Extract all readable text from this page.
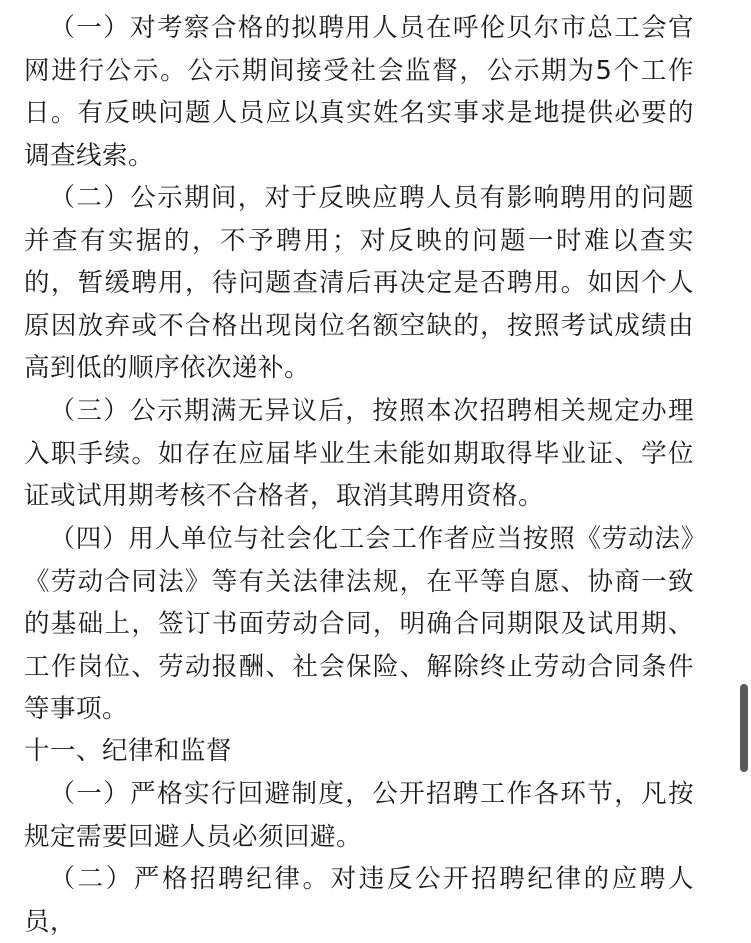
（一）对考察合格的拟聘用人员在呼伦贝尔市总工会官网进行公示。公示期间接受社会监督，公示期为5个工作日。有反映问题人员应以真实姓名实事求是地提供必要的调查线索。

（二）公示期间，对于反映应聘人员有影响聘用的问题并查有实据的，不予聘用；对反映的问题一时难以查实的，暂缓聘用，待问题查清后再决定是否聘用。如因个人原因放弃或不合格出现岗位名额空缺的，按照考试成绩由高到低的顺序依次递补。

（三）公示期满无异议后，按照本次招聘相关规定办理入职手续。如存在应届毕业生未能如期取得毕业证、学位证或试用期考核不合格者，取消其聘用资格。

（四）用人单位与社会化工会工作者应当按照《劳动法》《劳动合同法》等有关法律法规，在平等自愿、协商一致的基础上，签订书面劳动合同，明确合同期限及试用期、工作岗位、劳动报酬、社会保险、解除终止劳动合同条件等事项。

十一、纪律和监督

（一）严格实行回避制度，公开招聘工作各环节，凡按规定需要回避人员必须回避。

（二）严格招聘纪律。对违反公开招聘纪律的应聘人员，
